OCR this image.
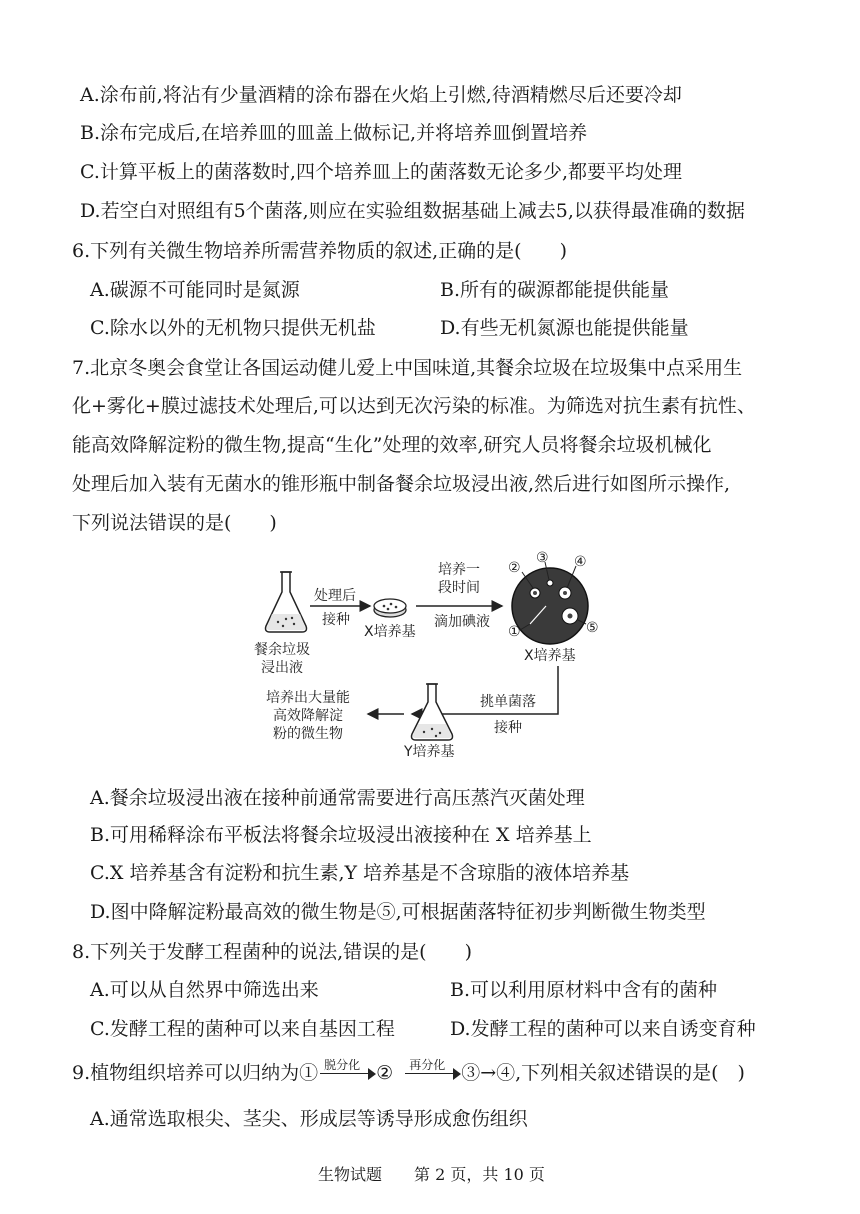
A.涂布前,将沾有少量酒精的涂布器在火焰上引燃,待酒精燃尽后还要冷却
B.涂布完成后,在培养皿的皿盖上做标记,并将培养皿倒置培养
C.计算平板上的菌落数时,四个培养皿上的菌落数无论多少,都要平均处理
D.若空白对照组有5个菌落,则应在实验组数据基础上减去5,以获得最准确的数据
6.下列有关微生物培养所需营养物质的叙述,正确的是(　　)
A.碳源不可能同时是氮源	B.所有的碳源都能提供能量
C.除水以外的无机物只提供无机盐	D.有些无机氮源也能提供能量
7.北京冬奥会食堂让各国运动健儿爱上中国味道,其餐余垃圾在垃圾集中点采用生
化+雾化+膜过滤技术处理后,可以达到无次污染的标准。为筛选对抗生素有抗性、
能高效降解淀粉的微生物,提高“生化”处理的效率,研究人员将餐余垃圾机械化
处理后加入装有无菌水的锥形瓶中制备餐余垃圾浸出液,然后进行如图所示操作,
下列说法错误的是(　　)
餐余垃圾
浸出液
处理后
接种
X培养基
培养一
段时间
滴加碘液
②
③ ④
①	⑤
X培养基
挑单菌落
接种
Y培养基
培养出大量能
高效降解淀
粉的微生物
A.餐余垃圾浸出液在接种前通常需要进行高压蒸汽灭菌处理
B.可用稀释涂布平板法将餐余垃圾浸出液接种在 X 培养基上
C.X 培养基含有淀粉和抗生素,Y 培养基是不含琼脂的液体培养基
D.图中降解淀粉最高效的微生物是⑤,可根据菌落特征初步判断微生物类型
8.下列关于发酵工程菌种的说法,错误的是(　　)
A.可以从自然界中筛选出来	B.可以利用原材料中含有的菌种
C.发酵工程的菌种可以来自基因工程	D.发酵工程的菌种可以来自诱变育种
9.植物组织培养可以归纳为① 脱分化 ② 再分化 ③→④,下列相关叙述错误的是(　)
A.通常选取根尖、茎尖、形成层等诱导形成愈伤组织
生物试题　　第 2 页，共 10 页
